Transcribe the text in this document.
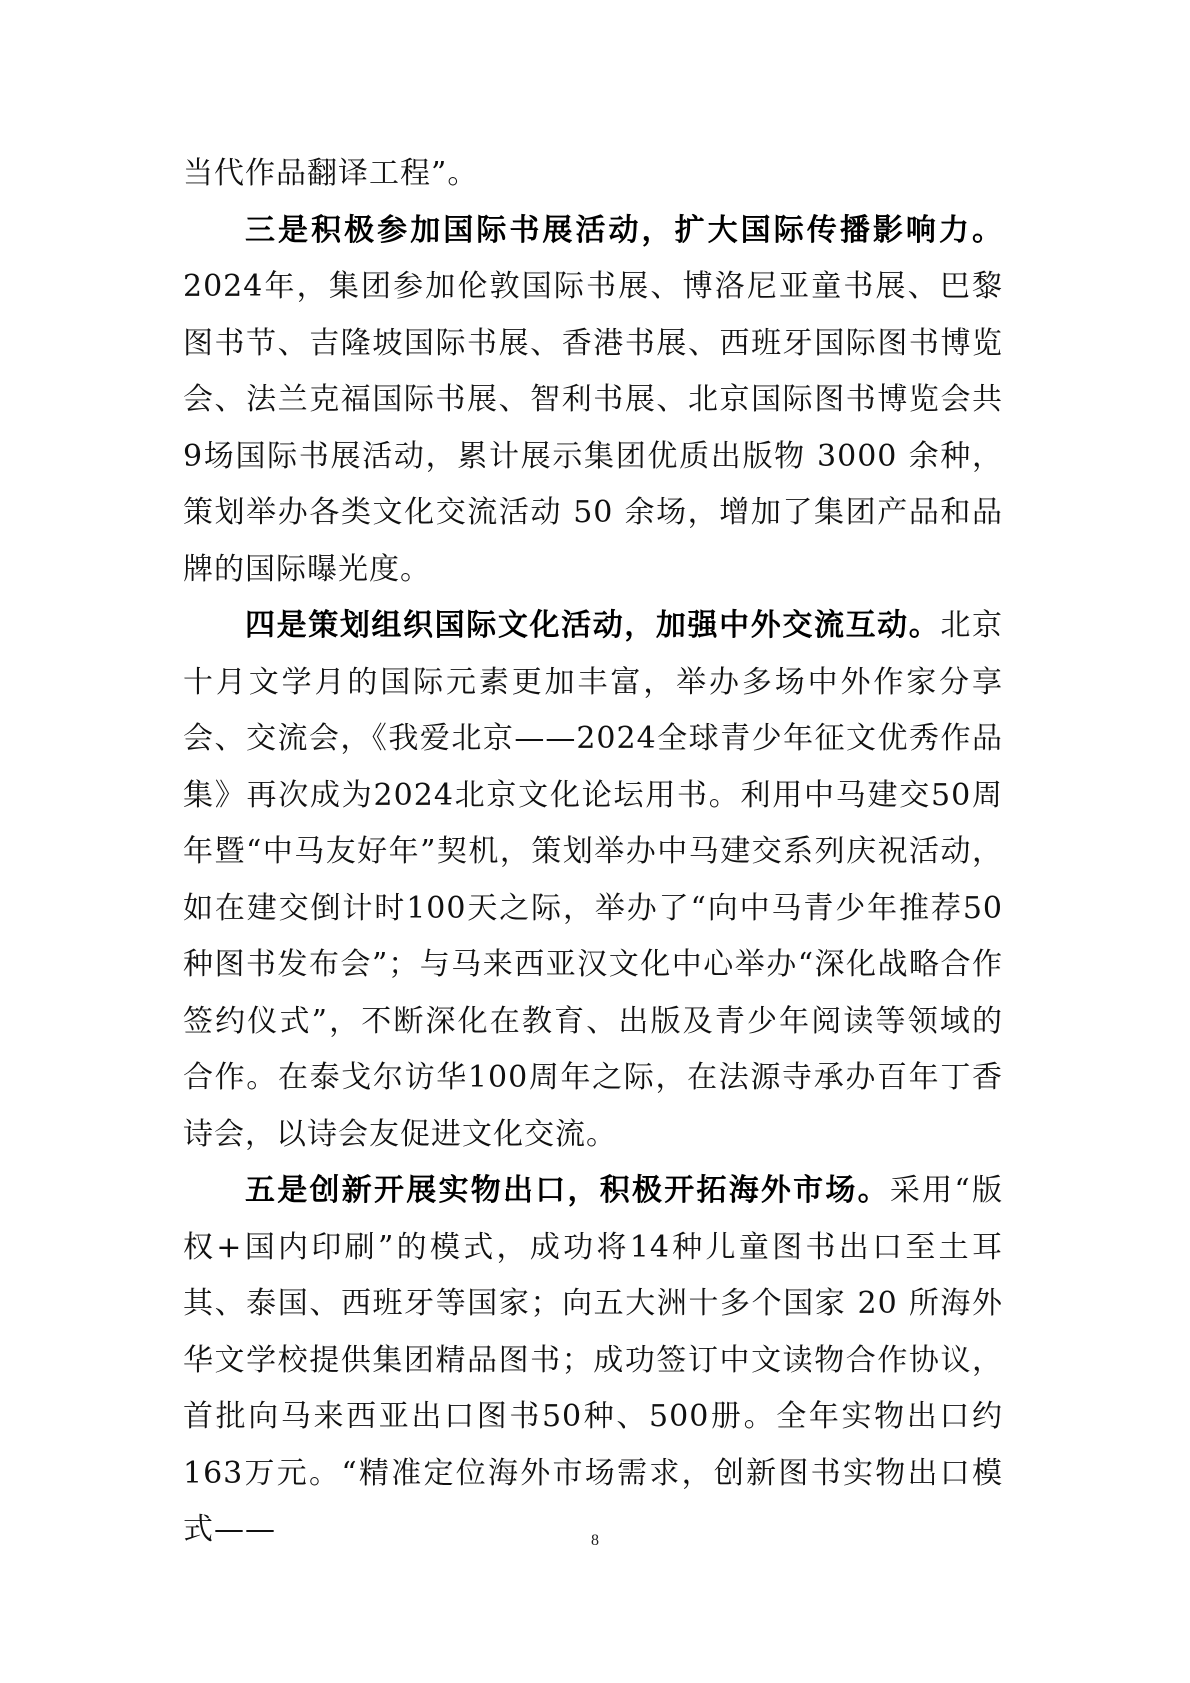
当代作品翻译工程”。

三是积极参加国际书展活动，扩大国际传播影响力。2024年，集团参加伦敦国际书展、博洛尼亚童书展、巴黎图书节、吉隆坡国际书展、香港书展、西班牙国际图书博览会、法兰克福国际书展、智利书展、北京国际图书博览会共9场国际书展活动，累计展示集团优质出版物 3000 余种，策划举办各类文化交流活动 50 余场，增加了集团产品和品牌的国际曝光度。

四是策划组织国际文化活动，加强中外交流互动。北京十月文学月的国际元素更加丰富，举办多场中外作家分享会、交流会，《我爱北京——2024全球青少年征文优秀作品集》再次成为2024北京文化论坛用书。利用中马建交50周年暨“中马友好年”契机，策划举办中马建交系列庆祝活动，如在建交倒计时100天之际，举办了“向中马青少年推荐50种图书发布会”；与马来西亚汉文化中心举办“深化战略合作签约仪式”，不断深化在教育、出版及青少年阅读等领域的合作。在泰戈尔访华100周年之际，在法源寺承办百年丁香诗会，以诗会友促进文化交流。

五是创新开展实物出口，积极开拓海外市场。采用“版权+国内印刷”的模式，成功将14种儿童图书出口至土耳其、泰国、西班牙等国家；向五大洲十多个国家 20 所海外华文学校提供集团精品图书；成功签订中文读物合作协议，首批向马来西亚出口图书50种、500册。全年实物出口约163万元。“精准定位海外市场需求，创新图书实物出口模式——	8
